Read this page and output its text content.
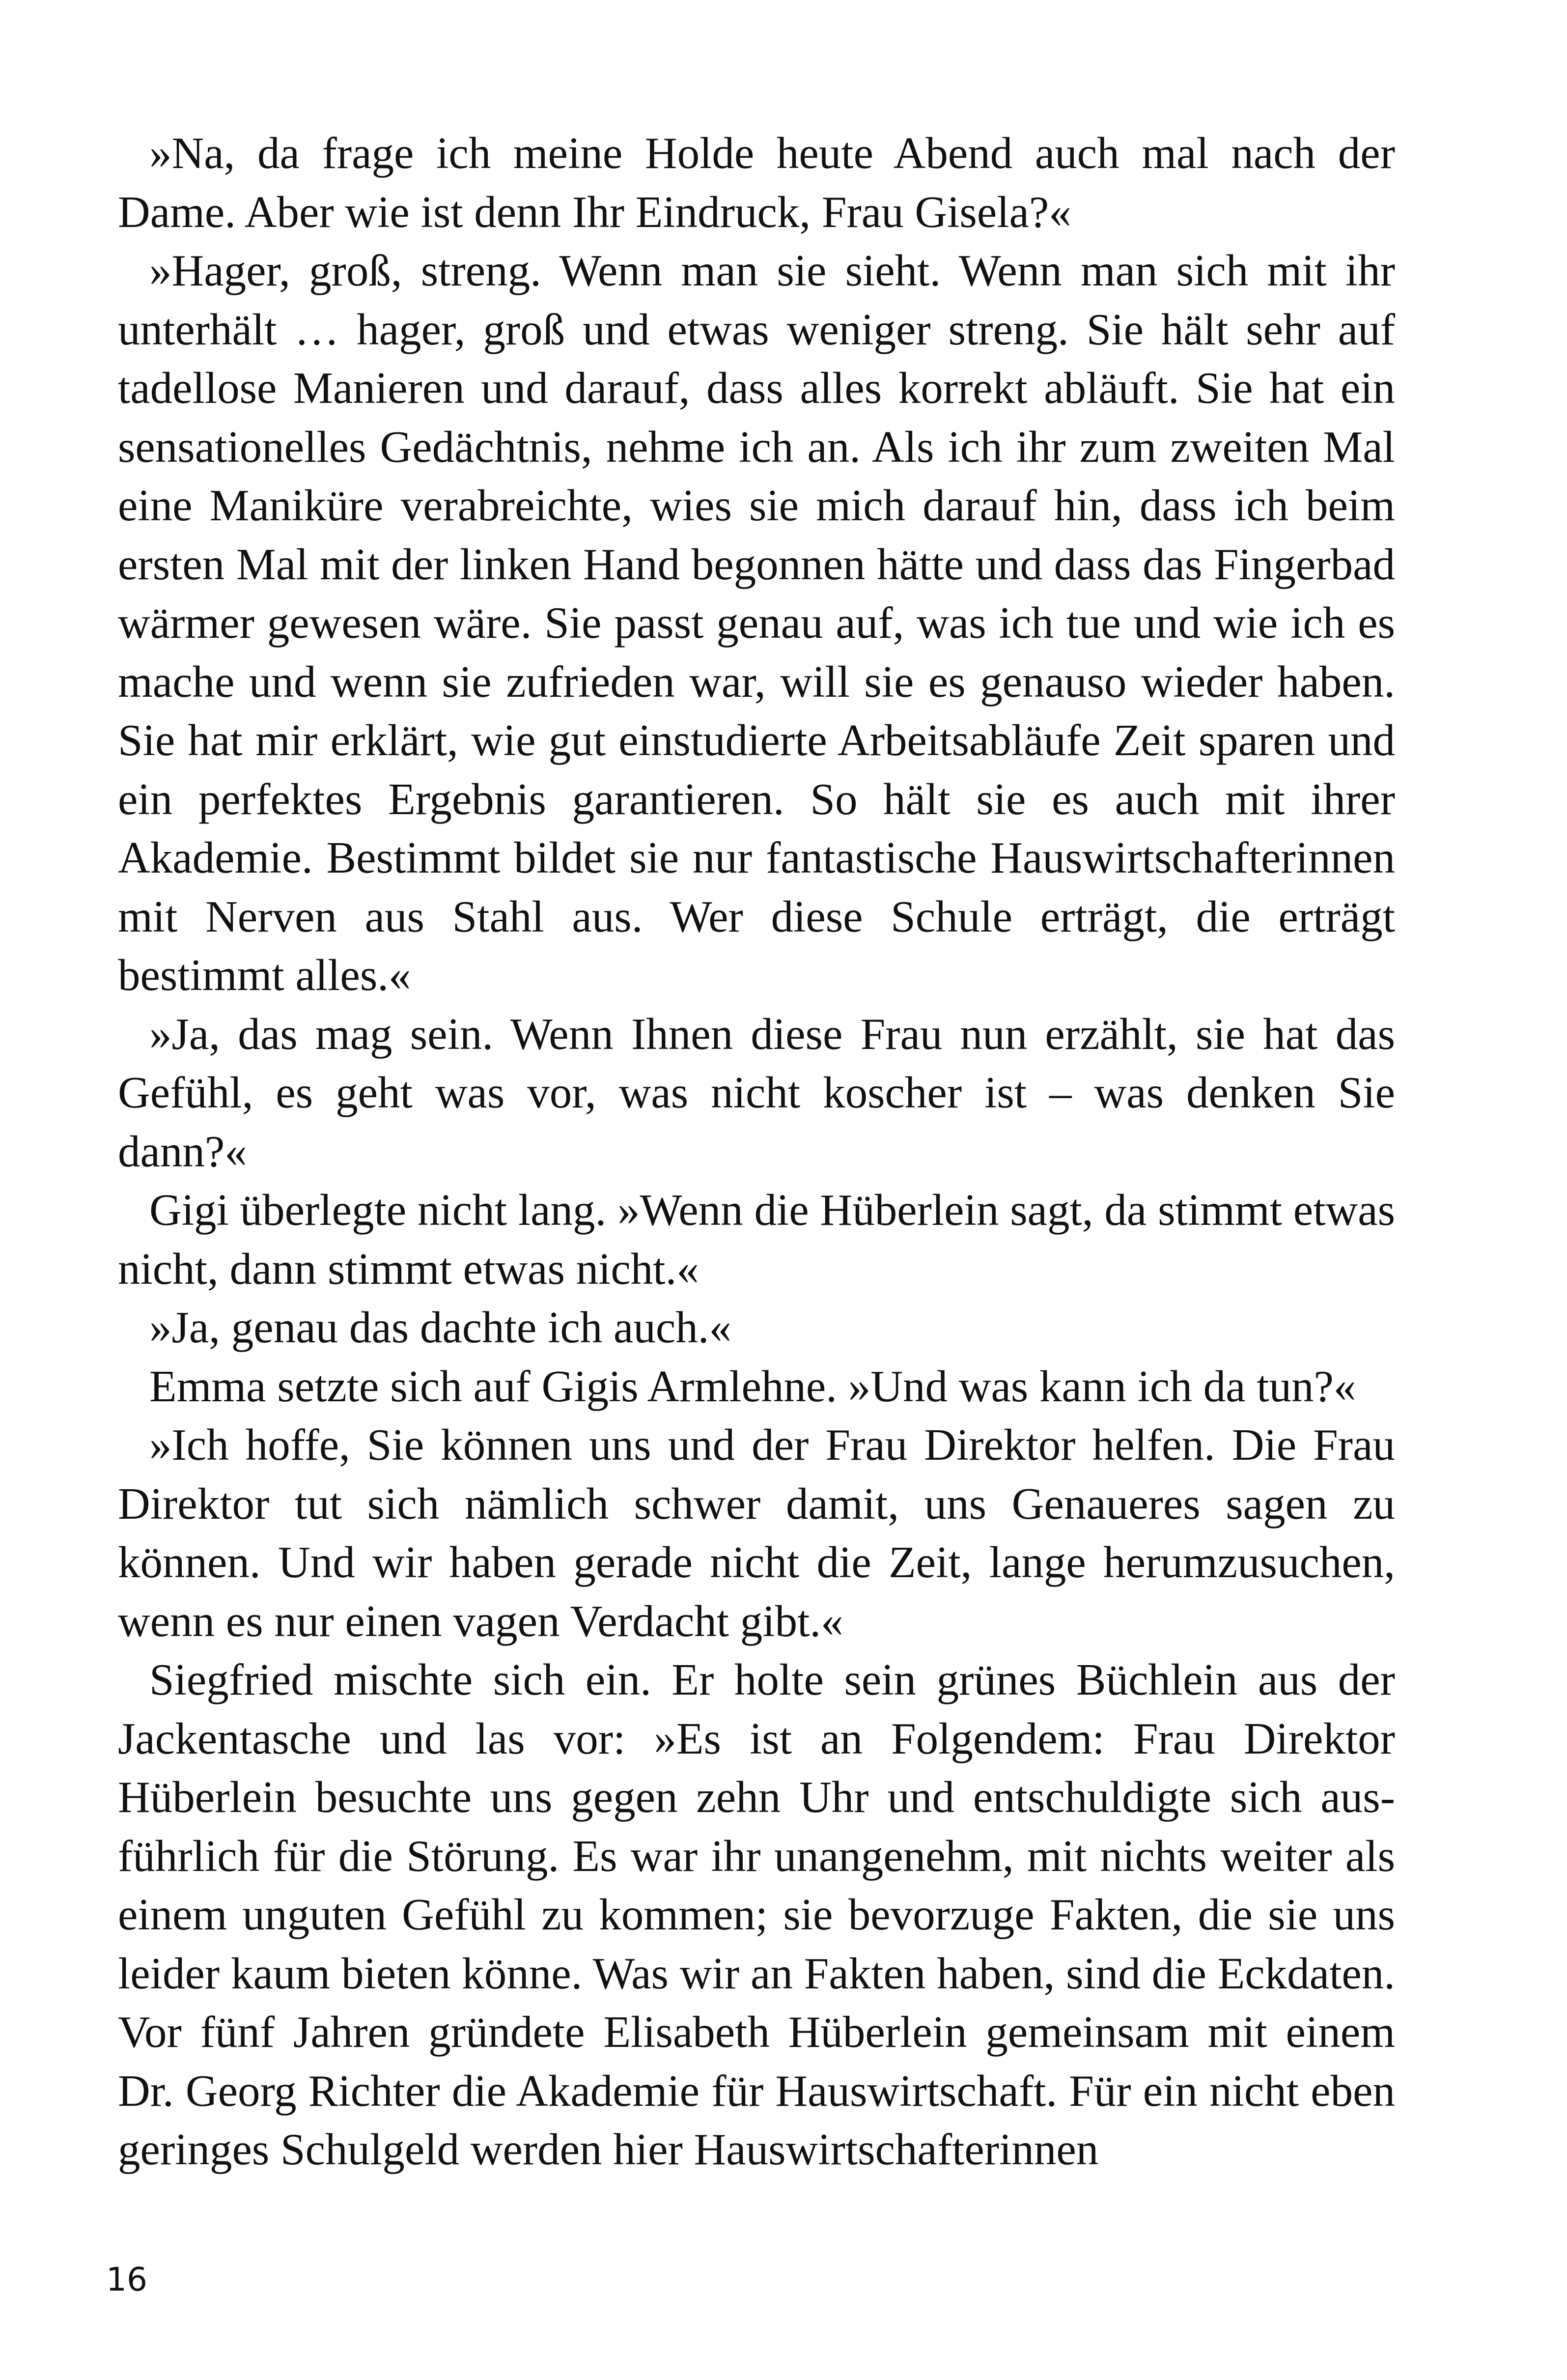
»Na, da frage ich meine Holde heute Abend auch mal nach der Dame. Aber wie ist denn Ihr Eindruck, Frau Gisela?«

»Hager, groß, streng. Wenn man sie sieht. Wenn man sich mit ihr unterhält … hager, groß und etwas weniger streng. Sie hält sehr auf tadellose Manieren und darauf, dass alles korrekt abläuft. Sie hat ein sensationelles Gedächtnis, nehme ich an. Als ich ihr zum zweiten Mal eine Maniküre verabreichte, wies sie mich darauf hin, dass ich beim ersten Mal mit der linken Hand begonnen hätte und dass das Fingerbad wärmer gewesen wäre. Sie passt genau auf, was ich tue und wie ich es mache und wenn sie zufrieden war, will sie es genauso wieder haben. Sie hat mir erklärt, wie gut einstudierte Arbeitsabläufe Zeit sparen und ein perfektes Ergebnis garantieren. So hält sie es auch mit ihrer Akademie. Bestimmt bildet sie nur fantastische Hauswirtschafterinnen mit Nerven aus Stahl aus. Wer diese Schule erträgt, die erträgt bestimmt alles.«

»Ja, das mag sein. Wenn Ihnen diese Frau nun erzählt, sie hat das Gefühl, es geht was vor, was nicht koscher ist – was denken Sie dann?«

Gigi überlegte nicht lang. »Wenn die Hüberlein sagt, da stimmt etwas nicht, dann stimmt etwas nicht.«

»Ja, genau das dachte ich auch.«

Emma setzte sich auf Gigis Armlehne. »Und was kann ich da tun?«

»Ich hoffe, Sie können uns und der Frau Direktor helfen. Die Frau Direktor tut sich nämlich schwer damit, uns Genaueres sagen zu können. Und wir haben gerade nicht die Zeit, lange herumzusuchen, wenn es nur einen vagen Verdacht gibt.«

Siegfried mischte sich ein. Er holte sein grünes Büchlein aus der Jackentasche und las vor: »Es ist an Folgendem: Frau Direktor Hüberlein besuchte uns gegen zehn Uhr und entschuldigte sich ausführlich für die Störung. Es war ihr unangenehm, mit nichts weiter als einem unguten Gefühl zu kommen; sie bevorzuge Fakten, die sie uns leider kaum bieten könne. Was wir an Fakten haben, sind die Eckdaten. Vor fünf Jahren gründete Elisabeth Hüberlein gemeinsam mit einem Dr. Georg Richter die Akademie für Hauswirtschaft. Für ein nicht eben geringes Schulgeld werden hier Hauswirtschafterinnen

16
